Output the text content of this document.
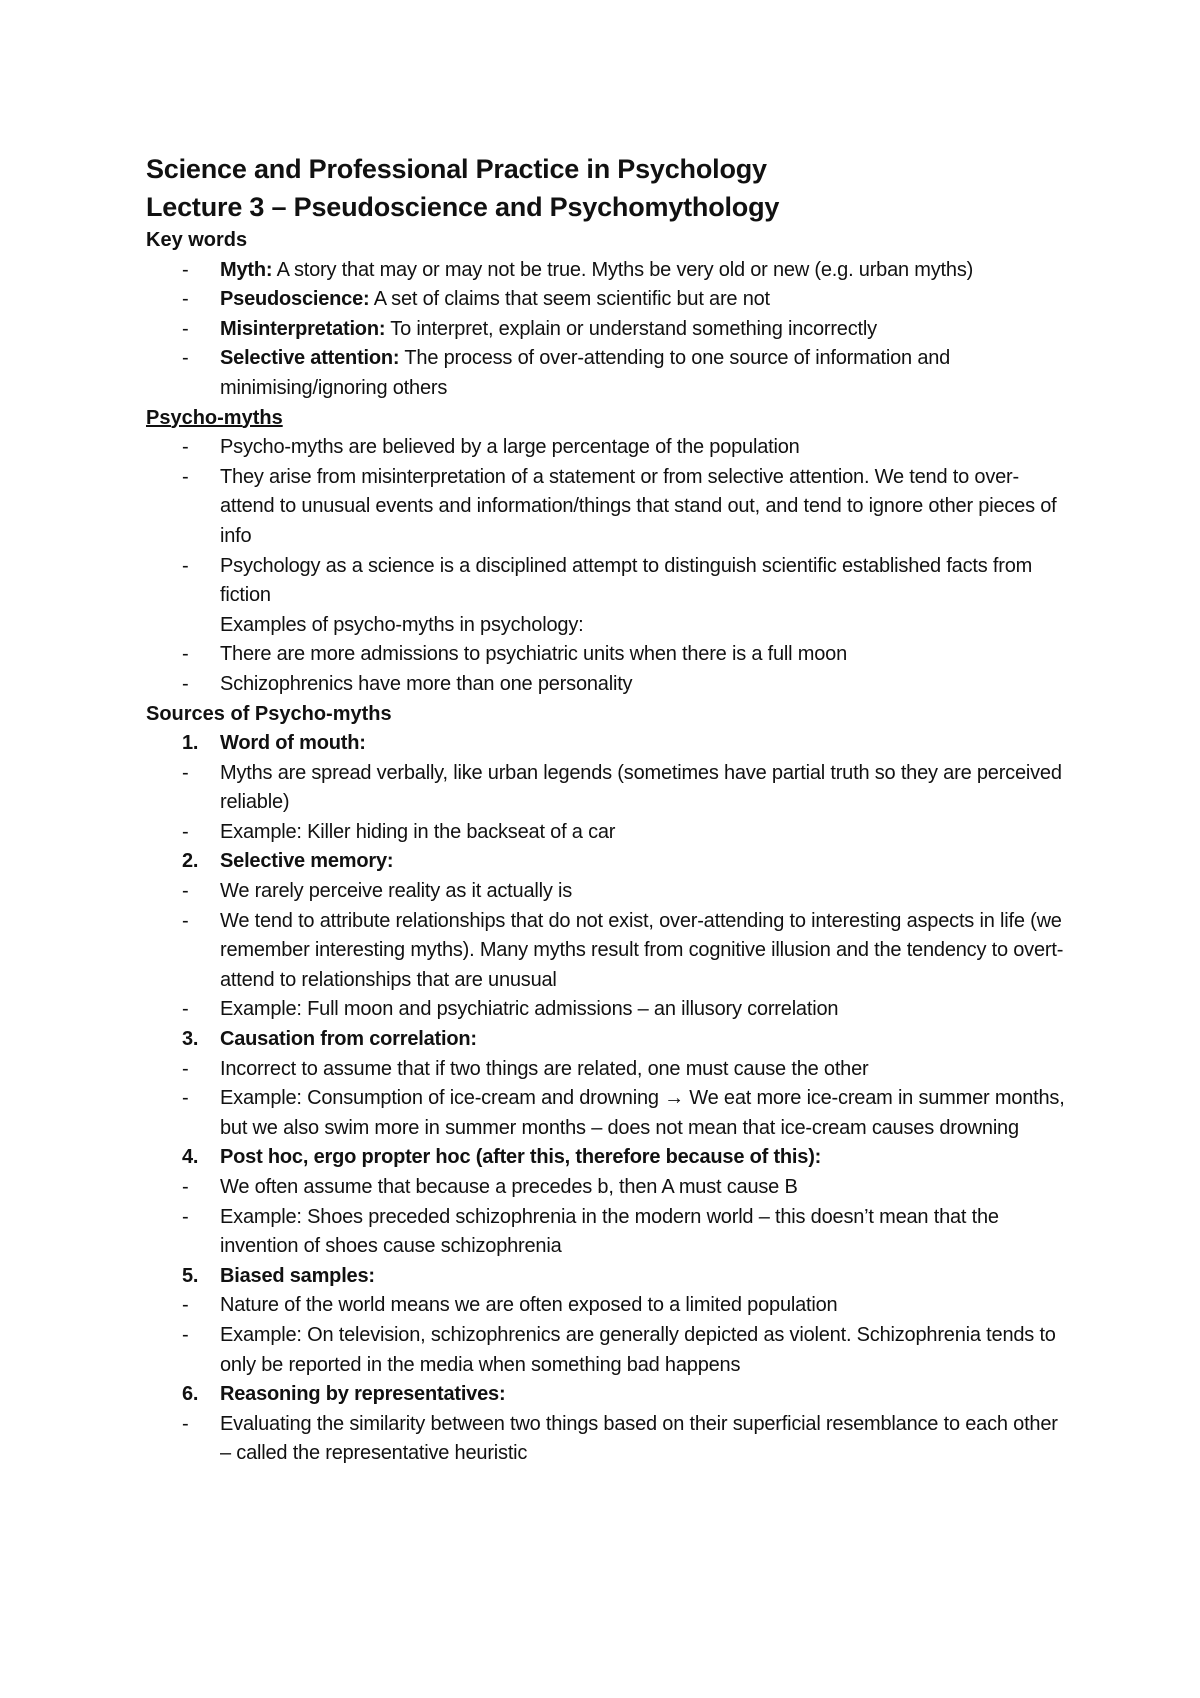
Science and Professional Practice in Psychology
Lecture 3 – Pseudoscience and Psychomythology
Key words
-	Myth: A story that may or may not be true. Myths be very old or new (e.g. urban myths)
-	Pseudoscience: A set of claims that seem scientific but are not
-	Misinterpretation: To interpret, explain or understand something incorrectly
-	Selective attention: The process of over-attending to one source of information and minimising/ignoring others
Psycho-myths
-	Psycho-myths are believed by a large percentage of the population
-	They arise from misinterpretation of a statement or from selective attention. We tend to over-attend to unusual events and information/things that stand out, and tend to ignore other pieces of info
-	Psychology as a science is a disciplined attempt to distinguish scientific established facts from fiction
Examples of psycho-myths in psychology:
-	There are more admissions to psychiatric units when there is a full moon
-	Schizophrenics have more than one personality
Sources of Psycho-myths
1.	Word of mouth:
-	Myths are spread verbally, like urban legends (sometimes have partial truth so they are perceived reliable)
-	Example: Killer hiding in the backseat of a car
2.	Selective memory:
-	We rarely perceive reality as it actually is
-	We tend to attribute relationships that do not exist, over-attending to interesting aspects in life (we remember interesting myths). Many myths result from cognitive illusion and the tendency to overt-attend to relationships that are unusual
-	Example: Full moon and psychiatric admissions – an illusory correlation
3.	Causation from correlation:
-	Incorrect to assume that if two things are related, one must cause the other
-	Example: Consumption of ice-cream and drowning → We eat more ice-cream in summer months, but we also swim more in summer months – does not mean that ice-cream causes drowning
4.	Post hoc, ergo propter hoc (after this, therefore because of this):
-	We often assume that because a precedes b, then A must cause B
-	Example: Shoes preceded schizophrenia in the modern world – this doesn’t mean that the invention of shoes cause schizophrenia
5.	Biased samples:
-	Nature of the world means we are often exposed to a limited population
-	Example: On television, schizophrenics are generally depicted as violent. Schizophrenia tends to only be reported in the media when something bad happens
6.	Reasoning by representatives:
-	Evaluating the similarity between two things based on their superficial resemblance to each other – called the representative heuristic
